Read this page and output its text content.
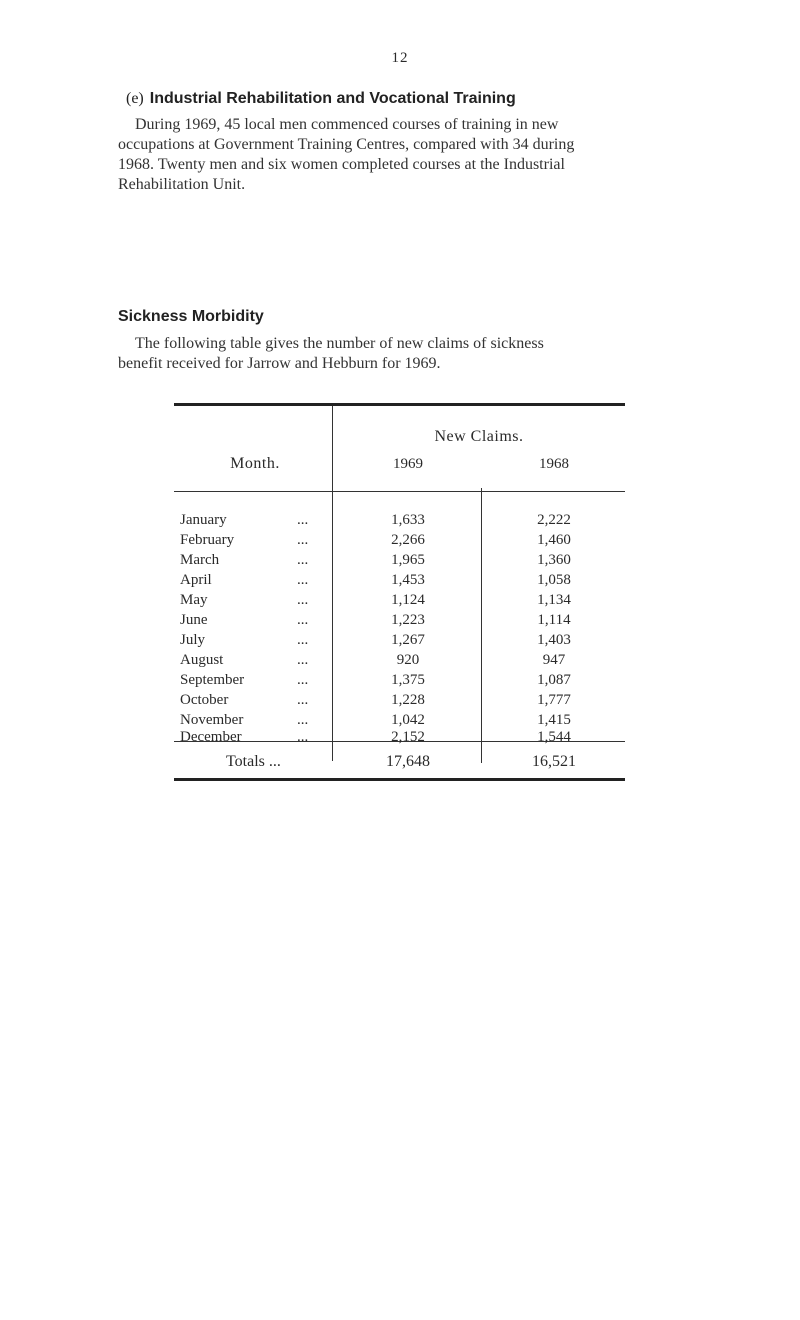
12
(e) Industrial Rehabilitation and Vocational Training
During 1969, 45 local men commenced courses of training in new
occupations at Government Training Centres, compared with 34 during
1968. Twenty men and six women completed courses at the Industrial
Rehabilitation Unit.
Sickness Morbidity
The following table gives the number of new claims of sickness
benefit received for Jarrow and Hebburn for 1969.
Month.
New Claims.
1969	1968
January	...	1,633	2,222
February	...	2,266	1,460
March	...	1,965	1,360
April	...	1,453	1,058
May	...	1,124	1,134
June	...	1,223	1,114
July	...	1,267	1,403
August	...	920	947
September	...	1,375	1,087
October	...	1,228	1,777
November	...	1,042	1,415
December	...	2,152	1,544
Totals ...	17,648	16,521
